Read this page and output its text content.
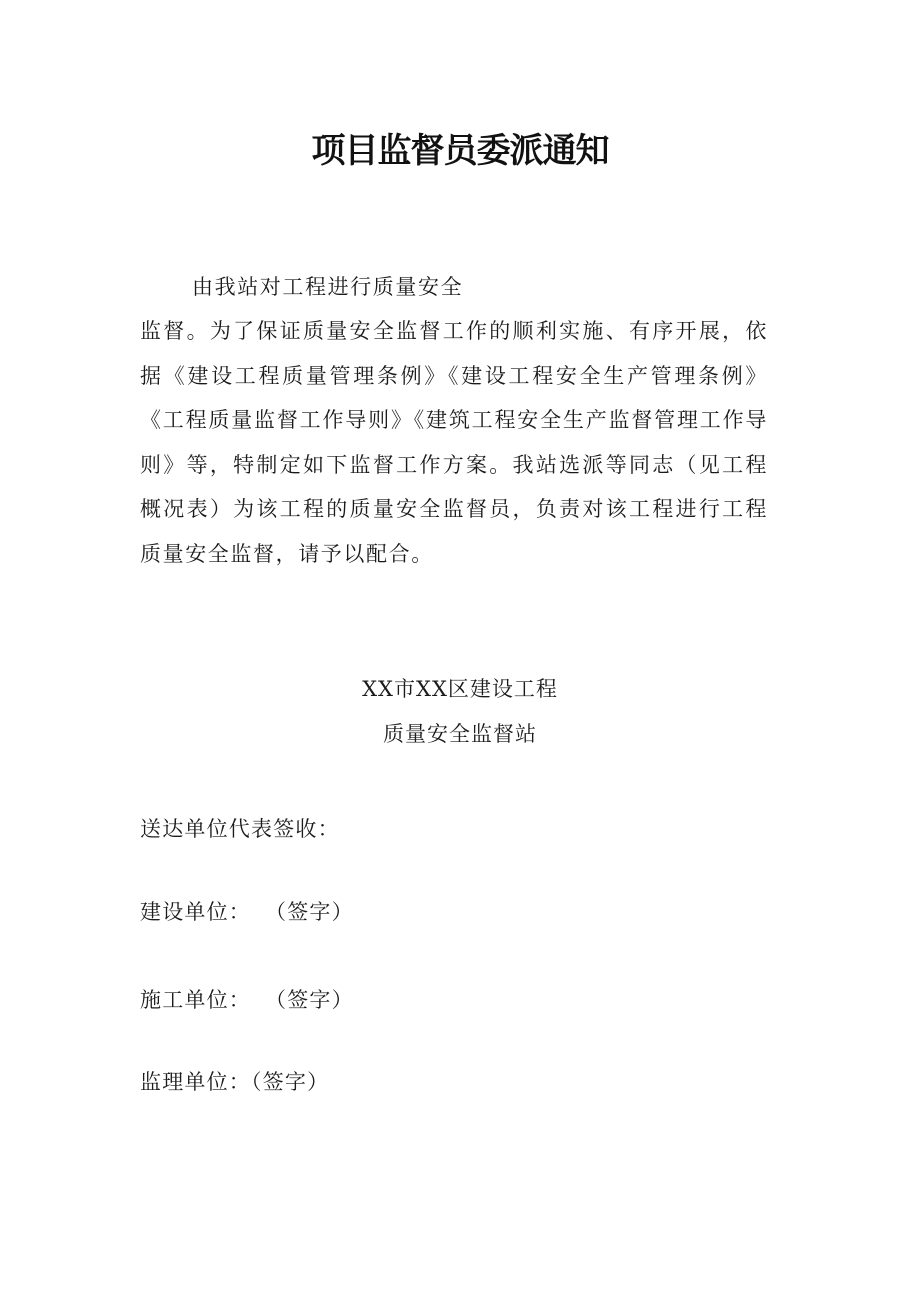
项目监督员委派通知
由我站对工程进行质量安全
监督。为了保证质量安全监督工作的顺利实施、有序开展，依据《建设工程质量管理条例》《建设工程安全生产管理条例》《工程质量监督工作导则》《建筑工程安全生产监督管理工作导则》等，特制定如下监督工作方案。我站选派等同志（见工程概况表）为该工程的质量安全监督员，负责对该工程进行工程质量安全监督，请予以配合。
XX市XX区建设工程
质量安全监督站
送达单位代表签收：
建设单位： （签字）
施工单位： （签字）
监理单位：（签字）
